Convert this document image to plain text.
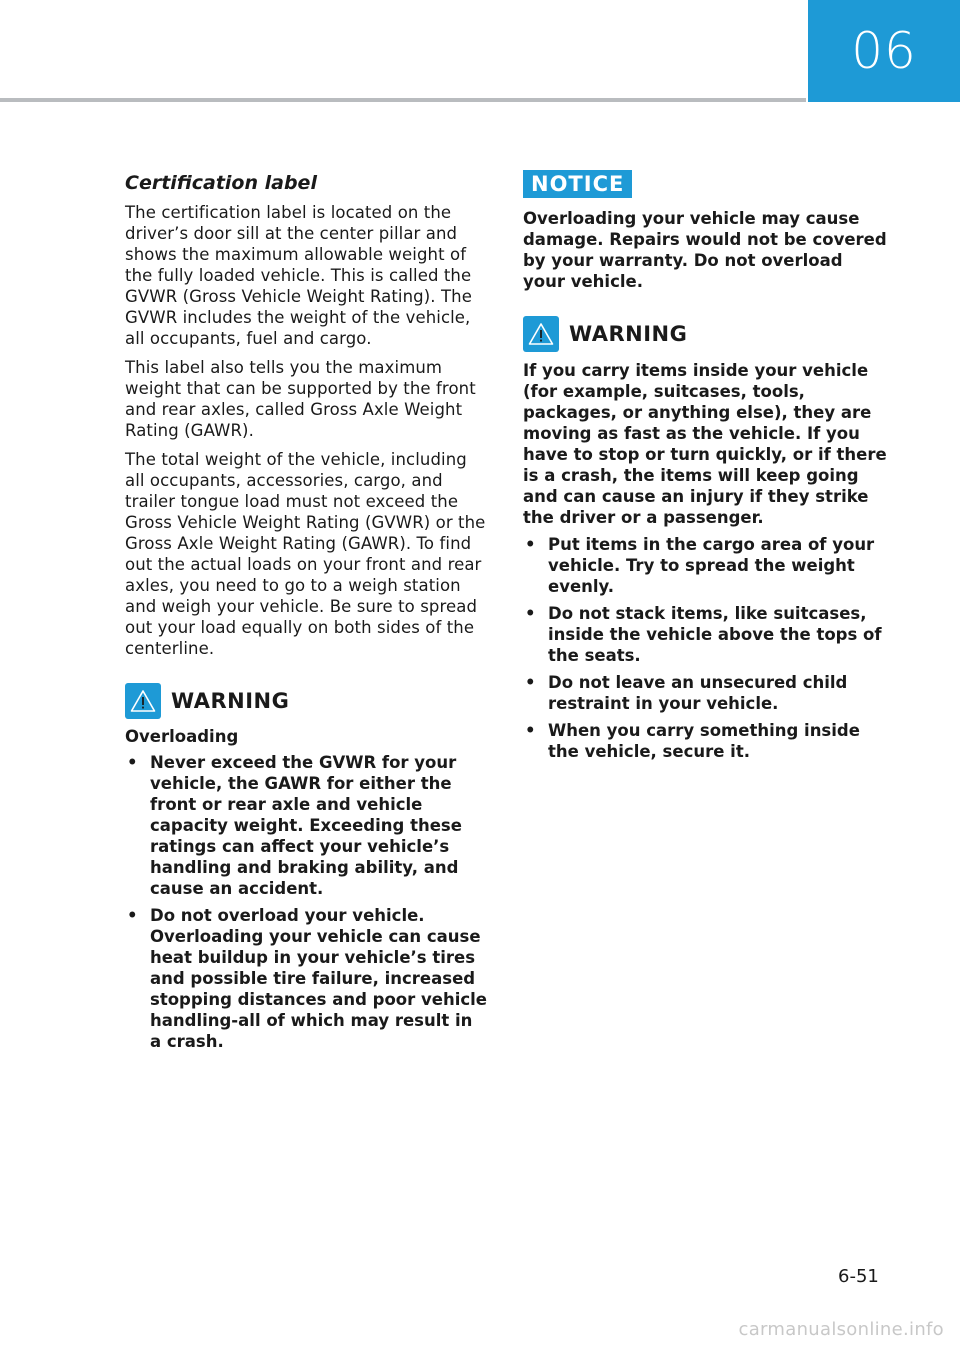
06
Certification label

The certification label is located on the driver’s door sill at the center pillar and shows the maximum allowable weight of the fully loaded vehicle. This is called the GVWR (Gross Vehicle Weight Rating). The GVWR includes the weight of the vehicle, all occupants, fuel and cargo.

This label also tells you the maximum weight that can be supported by the front and rear axles, called Gross Axle Weight Rating (GAWR).

The total weight of the vehicle, including all occupants, accessories, cargo, and trailer tongue load must not exceed the Gross Vehicle Weight Rating (GVWR) or the Gross Axle Weight Rating (GAWR). To find out the actual loads on your front and rear axles, you need to go to a weigh station and weigh your vehicle. Be sure to spread out your load equally on both sides of the centerline.

WARNING
Overloading
• Never exceed the GVWR for your vehicle, the GAWR for either the front or rear axle and vehicle capacity weight. Exceeding these ratings can affect your vehicle’s handling and braking ability, and cause an accident.
• Do not overload your vehicle. Overloading your vehicle can cause heat buildup in your vehicle’s tires and possible tire failure, increased stopping distances and poor vehicle handling-all of which may result in a crash.
NOTICE
Overloading your vehicle may cause damage. Repairs would not be covered by your warranty. Do not overload your vehicle.
WARNING
If you carry items inside your vehicle (for example, suitcases, tools, packages, or anything else), they are moving as fast as the vehicle. If you have to stop or turn quickly, or if there is a crash, the items will keep going and can cause an injury if they strike the driver or a passenger.
• Put items in the cargo area of your vehicle. Try to spread the weight evenly.
• Do not stack items, like suitcases, inside the vehicle above the tops of the seats.
• Do not leave an unsecured child restraint in your vehicle.
• When you carry something inside the vehicle, secure it.
6-51
carmanualsonline.info
